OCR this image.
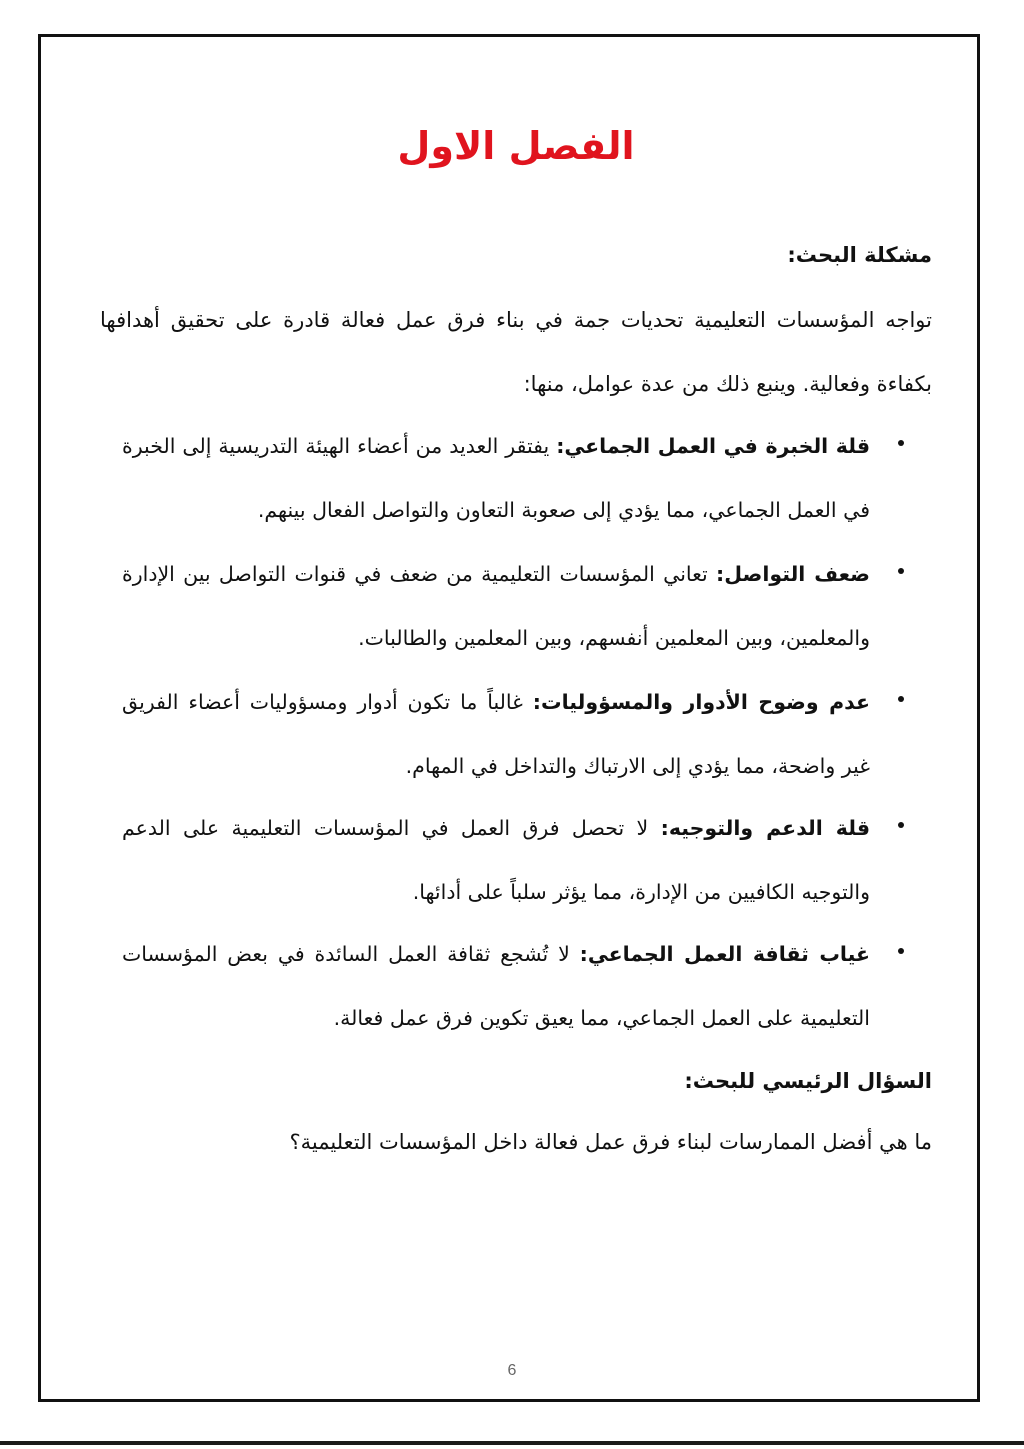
الفصل الاول
مشكلة البحث:
تواجه المؤسسات التعليمية تحديات جمة في بناء فرق عمل فعالة قادرة على تحقيق أهدافها بكفاءة وفعالية. وينبع ذلك من عدة عوامل، منها:
قلة الخبرة في العمل الجماعي: يفتقر العديد من أعضاء الهيئة التدريسية إلى الخبرة في العمل الجماعي، مما يؤدي إلى صعوبة التعاون والتواصل الفعال بينهم.
ضعف التواصل: تعاني المؤسسات التعليمية من ضعف في قنوات التواصل بين الإدارة والمعلمين، وبين المعلمين أنفسهم، وبين المعلمين والطالبات.
عدم وضوح الأدوار والمسؤوليات: غالباً ما تكون أدوار ومسؤوليات أعضاء الفريق غير واضحة، مما يؤدي إلى الارتباك والتداخل في المهام.
قلة الدعم والتوجيه: لا تحصل فرق العمل في المؤسسات التعليمية على الدعم والتوجيه الكافيين من الإدارة، مما يؤثر سلباً على أدائها.
غياب ثقافة العمل الجماعي: لا تُشجع ثقافة العمل السائدة في بعض المؤسسات التعليمية على العمل الجماعي، مما يعيق تكوين فرق عمل فعالة.
السؤال الرئيسي للبحث:
ما هي أفضل الممارسات لبناء فرق عمل فعالة داخل المؤسسات التعليمية؟
6
